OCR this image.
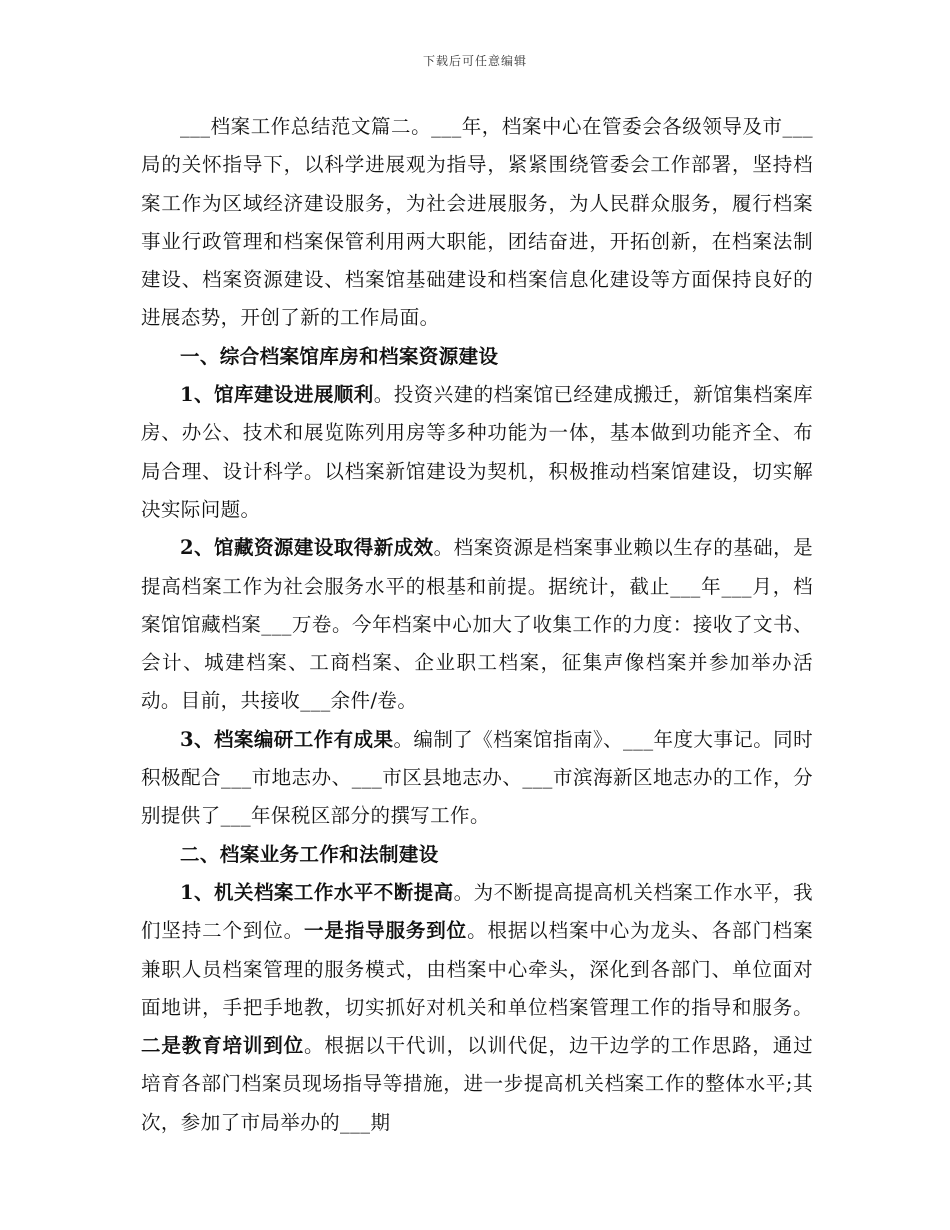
下载后可任意编辑

___档案工作总结范文篇二。___年，档案中心在管委会各级领导及市___局的关怀指导下，以科学进展观为指导，紧紧围绕管委会工作部署，坚持档案工作为区域经济建设服务，为社会进展服务，为人民群众服务，履行档案事业行政管理和档案保管利用两大职能，团结奋进，开拓创新，在档案法制建设、档案资源建设、档案馆基础建设和档案信息化建设等方面保持良好的进展态势，开创了新的工作局面。

一、综合档案馆库房和档案资源建设

1、馆库建设进展顺利。投资兴建的档案馆已经建成搬迁，新馆集档案库房、办公、技术和展览陈列用房等多种功能为一体，基本做到功能齐全、布局合理、设计科学。以档案新馆建设为契机，积极推动档案馆建设，切实解决实际问题。

2、馆藏资源建设取得新成效。档案资源是档案事业赖以生存的基础，是提高档案工作为社会服务水平的根基和前提。据统计，截止___年___月，档案馆馆藏档案___万卷。今年档案中心加大了收集工作的力度：接收了文书、会计、城建档案、工商档案、企业职工档案，征集声像档案并参加举办活动。目前，共接收___余件/卷。

3、档案编研工作有成果。编制了《档案馆指南》、___年度大事记。同时积极配合___市地志办、___市区县地志办、___市滨海新区地志办的工作，分别提供了___年保税区部分的撰写工作。

二、档案业务工作和法制建设

1、机关档案工作水平不断提高。为不断提高提高机关档案工作水平，我们坚持二个到位。一是指导服务到位。根据以档案中心为龙头、各部门档案兼职人员档案管理的服务模式，由档案中心牵头，深化到各部门、单位面对面地讲，手把手地教，切实抓好对机关和单位档案管理工作的指导和服务。二是教育培训到位。根据以干代训，以训代促，边干边学的工作思路，通过培育各部门档案员现场指导等措施，进一步提高机关档案工作的整体水平;其次，参加了市局举办的___期
